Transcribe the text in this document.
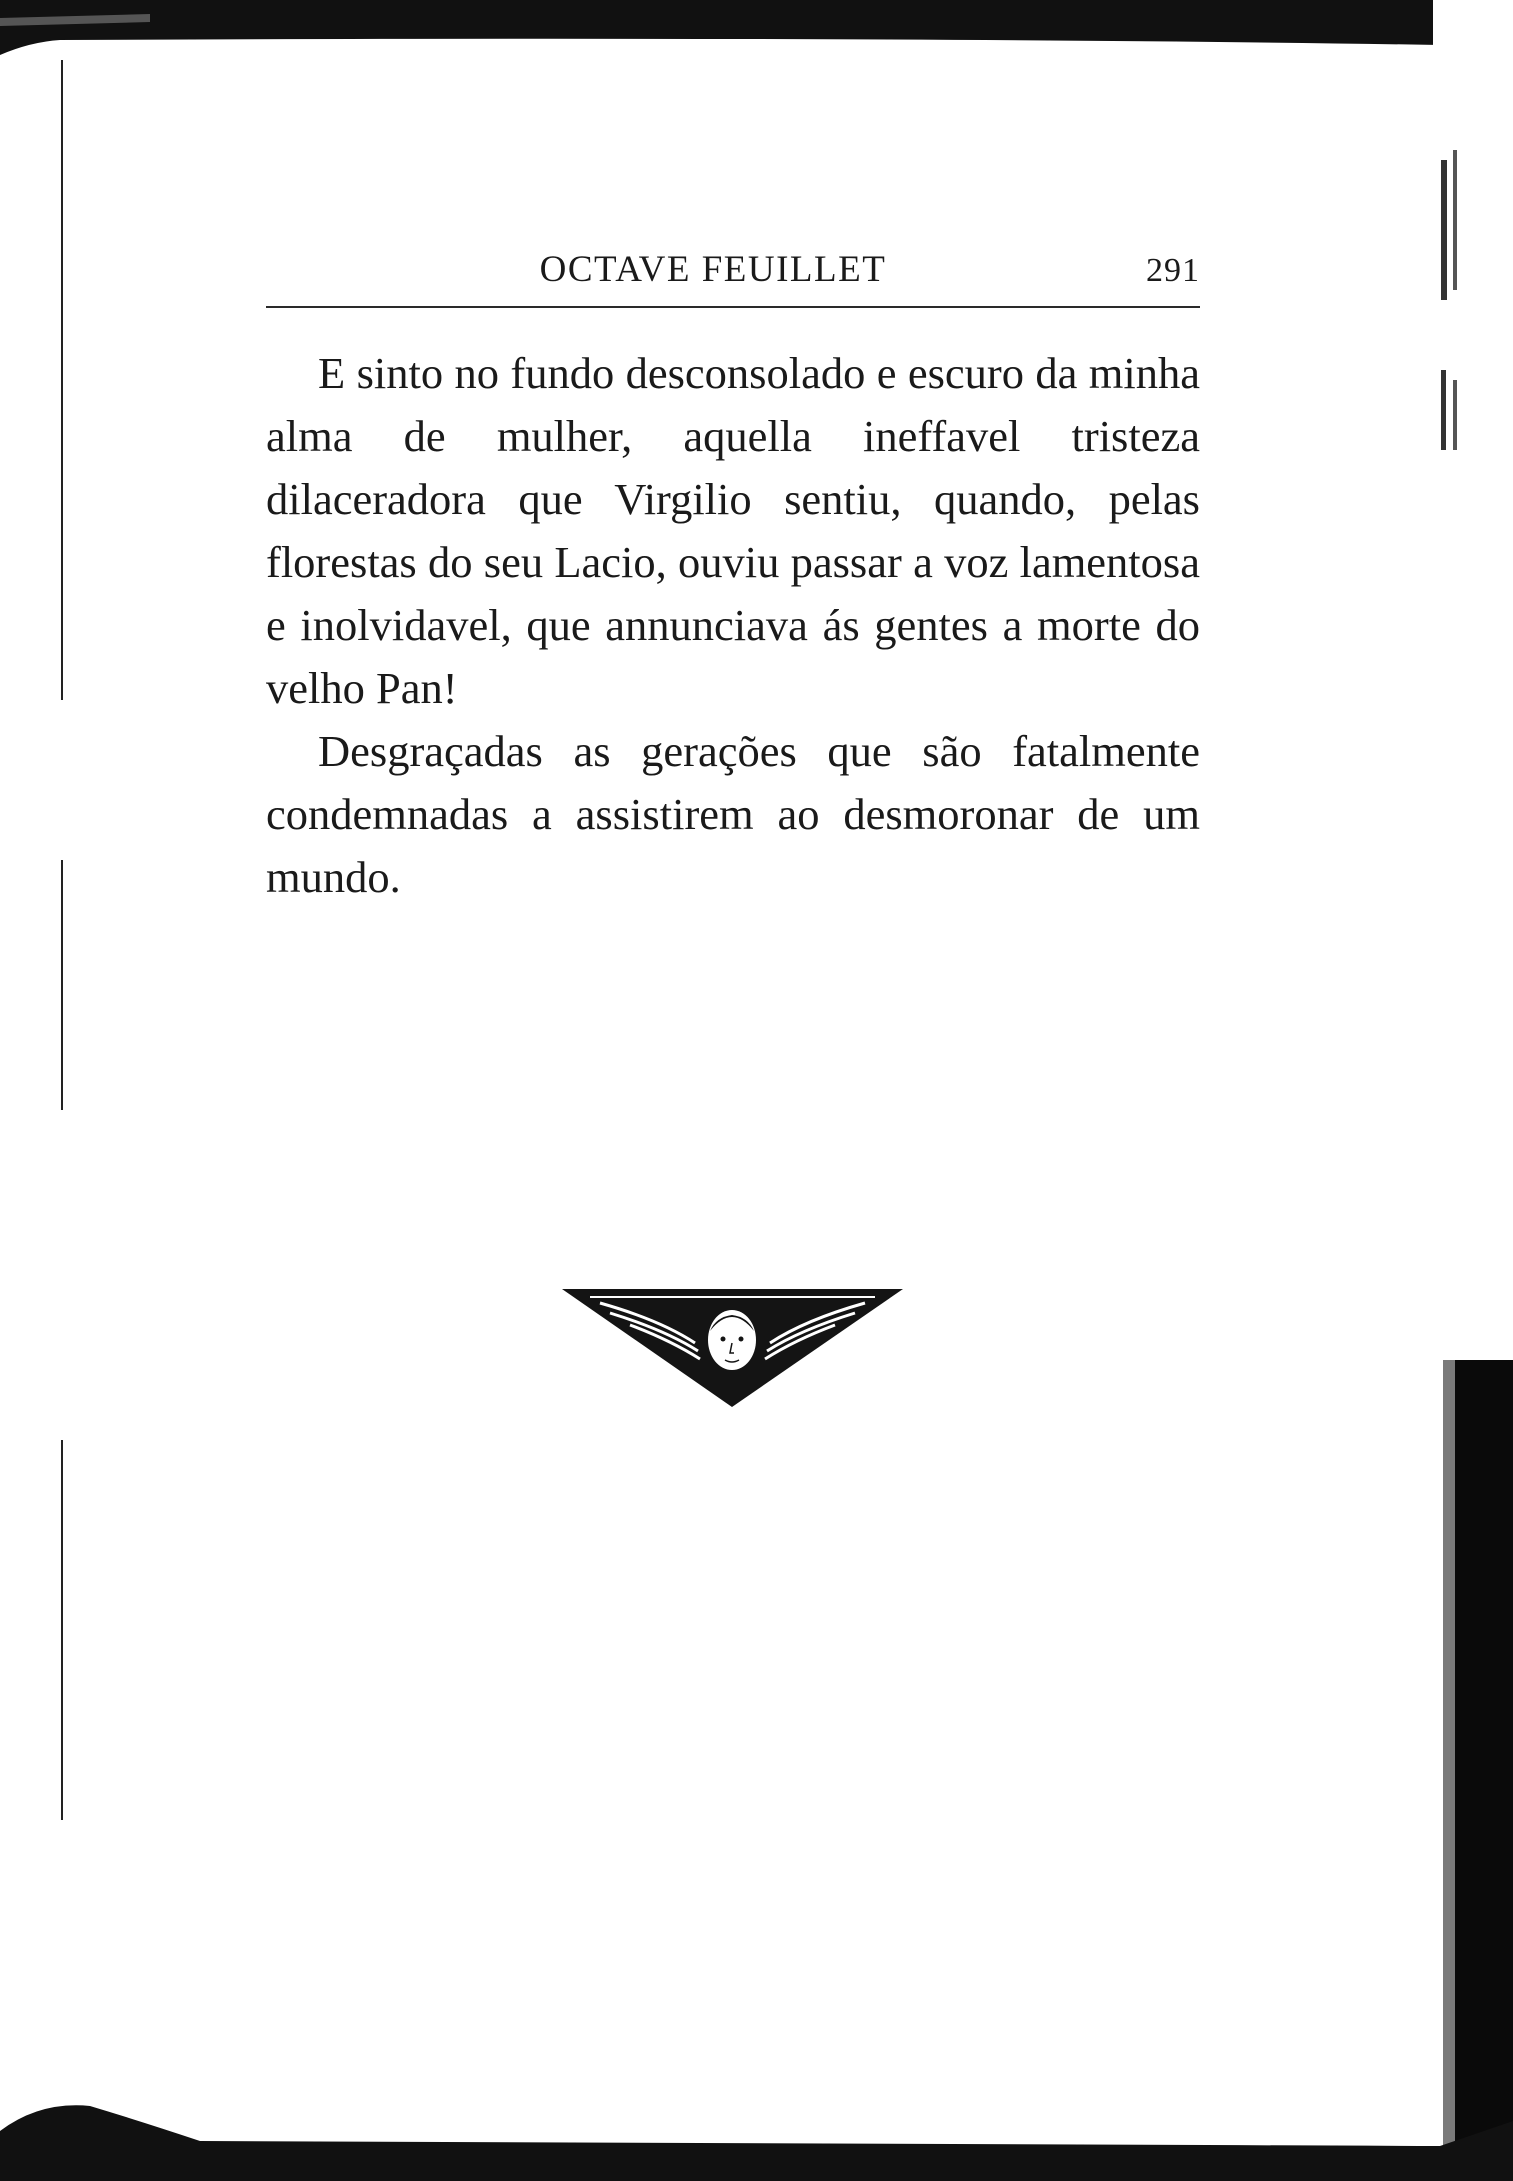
OCTAVE FEUILLET	291

E sinto no fundo desconsolado e escuro da minha alma de mulher, aquella ineffavel tristeza dilaceradora que Virgilio sentiu, quando, pelas florestas do seu Lacio, ouviu passar a voz lamentosa e inolvidavel, que annunciava ás gentes a morte do velho Pan!

Desgraçadas as gerações que são fatalmente condemnadas a assistirem ao desmoronar de um mundo.
